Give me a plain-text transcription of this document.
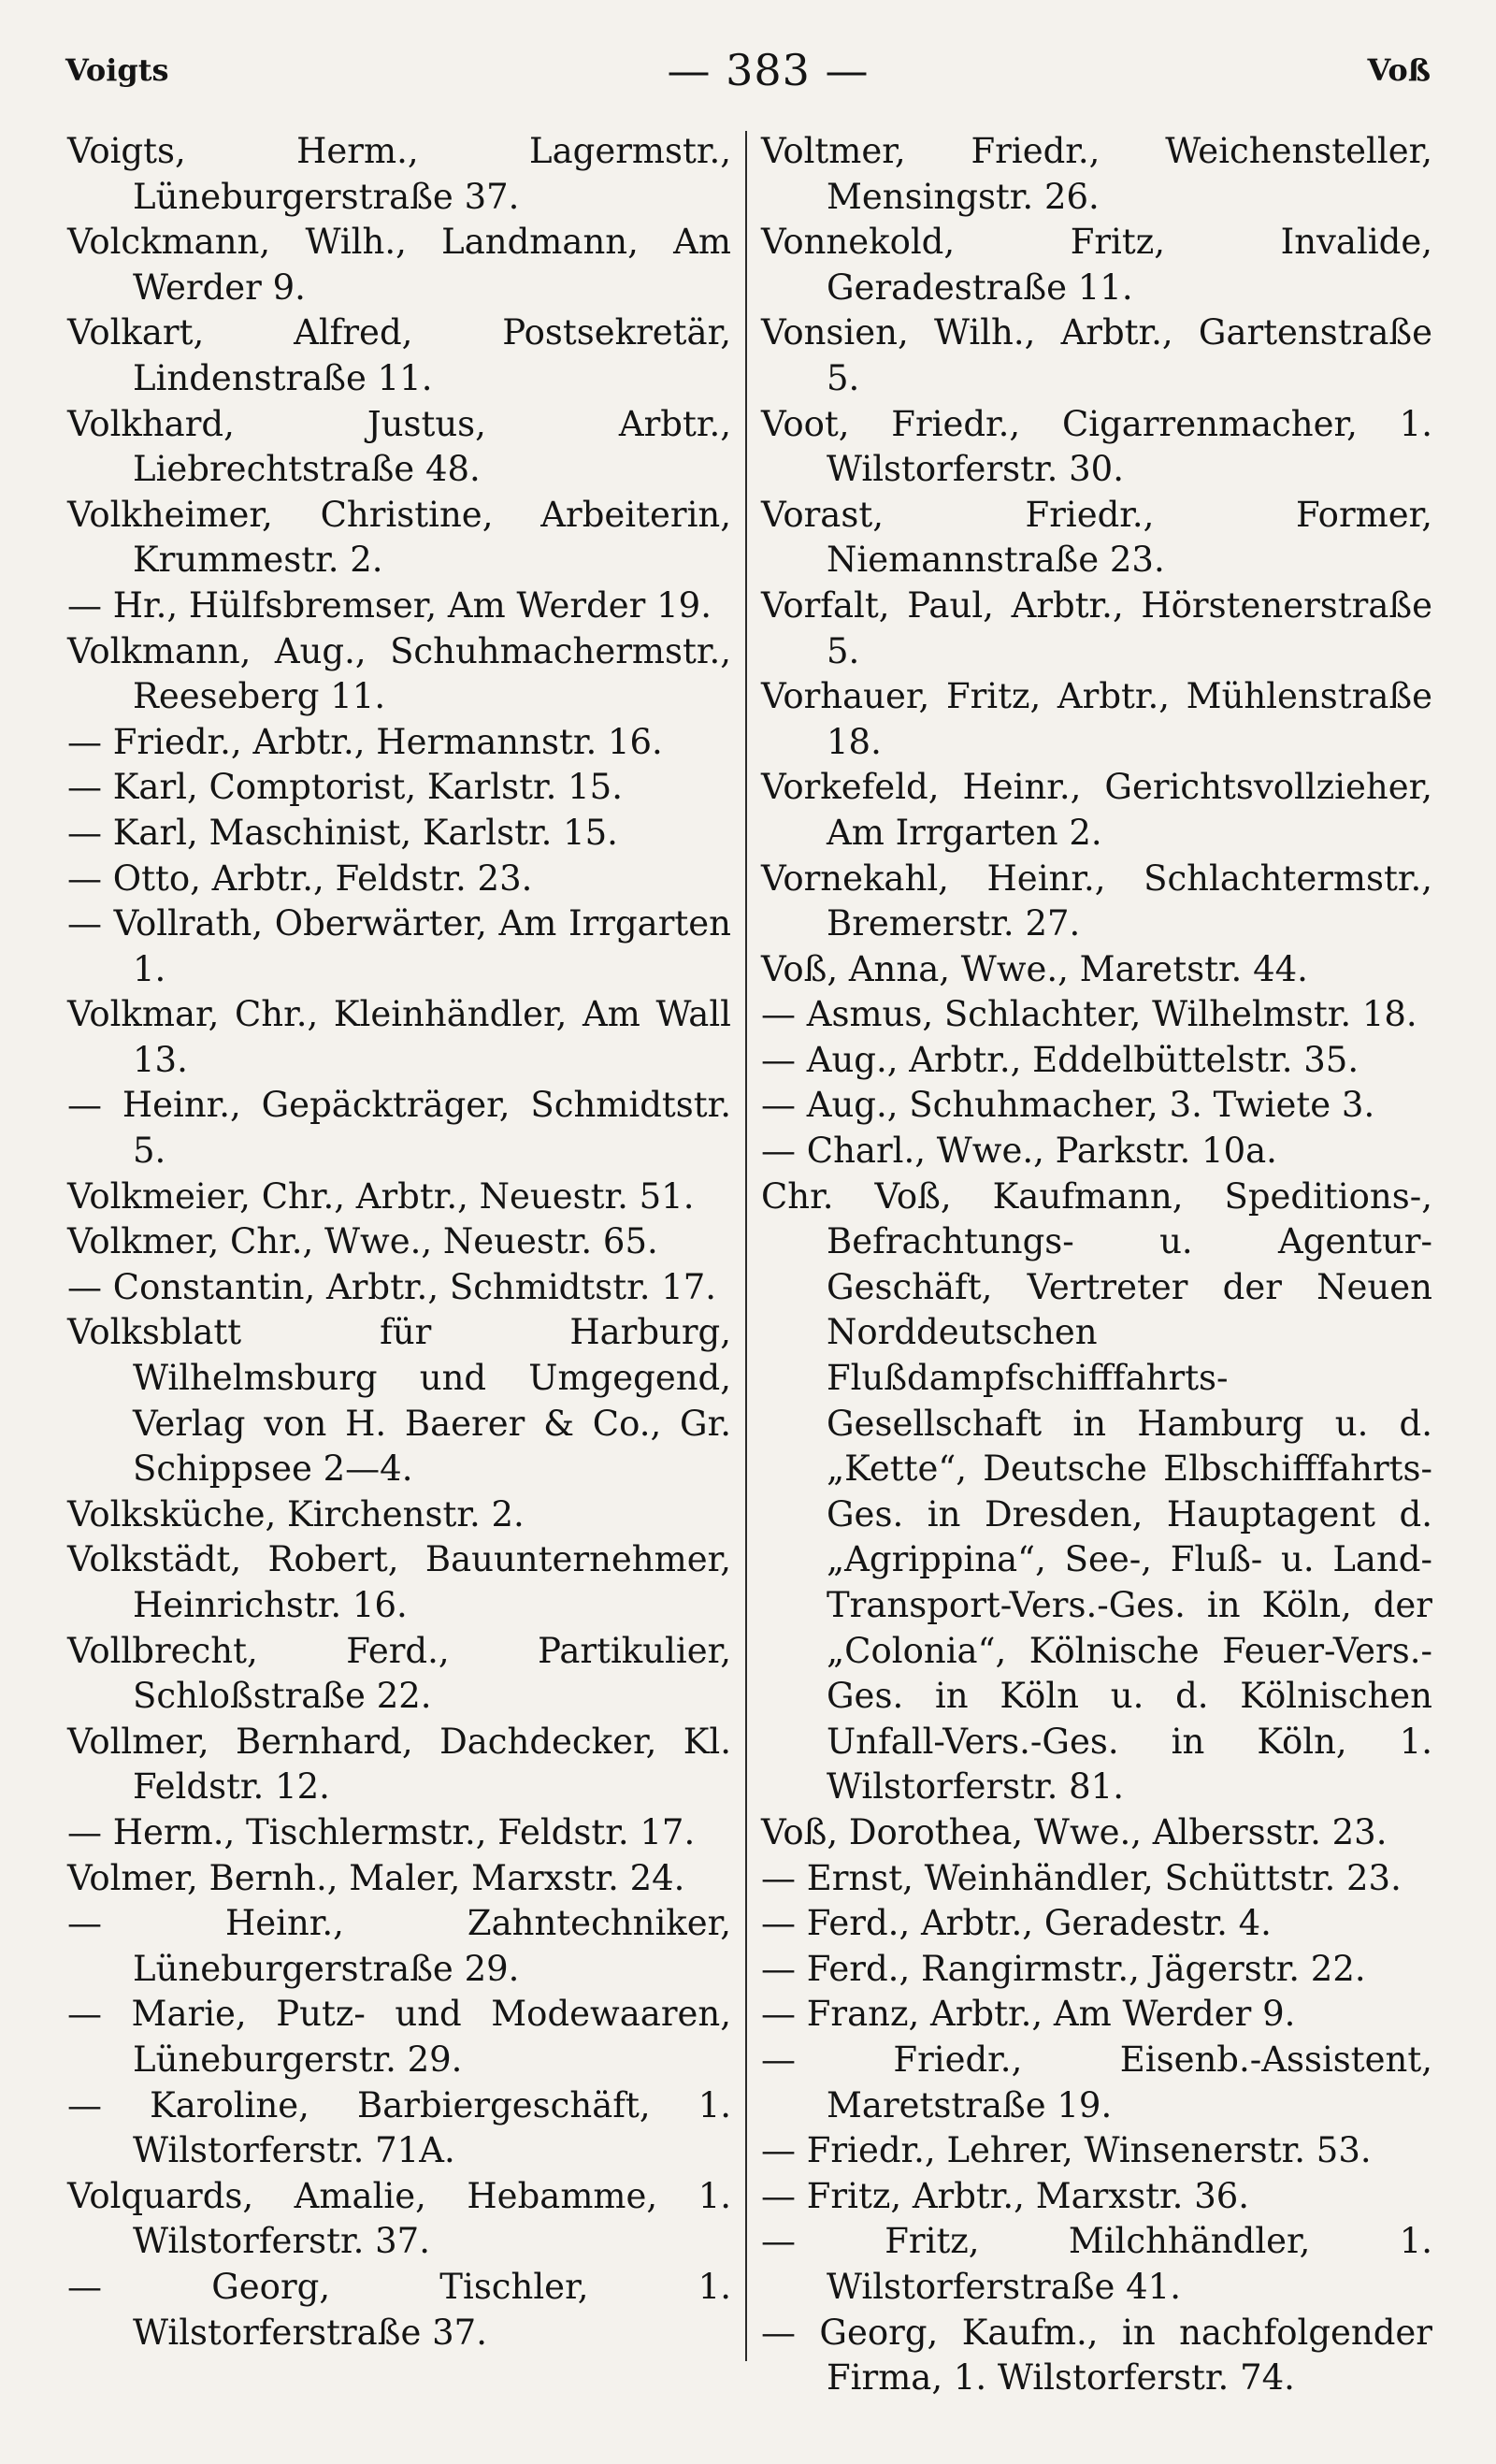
Voigts	— 383 —	Voß

Voigts, Herm., Lagermstr., Lüneburgerstraße 37.

Volckmann, Wilh., Landmann, Am Werder 9.

Volkart, Alfred, Postsekretär, Lindenstraße 11.

Volkhard, Justus, Arbtr., Liebrechtstraße 48.

Volkheimer, Christine, Arbeiterin, Krummestr. 2.

— Hr., Hülfsbremser, Am Werder 19.

Volkmann, Aug., Schuhmachermstr., Reeseberg 11.

— Friedr., Arbtr., Hermannstr. 16.

— Karl, Comptorist, Karlstr. 15.

— Karl, Maschinist, Karlstr. 15.

— Otto, Arbtr., Feldstr. 23.

— Vollrath, Oberwärter, Am Irrgarten 1.

Volkmar, Chr., Kleinhändler, Am Wall 13.

— Heinr., Gepäckträger, Schmidtstr. 5.

Volkmeier, Chr., Arbtr., Neuestr. 51.

Volkmer, Chr., Wwe., Neuestr. 65.

— Constantin, Arbtr., Schmidtstr. 17.

Volksblatt für Harburg, Wilhelmsburg und Umgegend, Verlag von H. Baerer & Co., Gr. Schippsee 2—4.

Volksküche, Kirchenstr. 2.

Volkstädt, Robert, Bauunternehmer, Heinrichstr. 16.

Vollbrecht, Ferd., Partikulier, Schloßstraße 22.

Vollmer, Bernhard, Dachdecker, Kl. Feldstr. 12.

— Herm., Tischlermstr., Feldstr. 17.

Volmer, Bernh., Maler, Marxstr. 24.

— Heinr., Zahntechniker, Lüneburgerstraße 29.

— Marie, Putz- und Modewaaren, Lüneburgerstr. 29.

— Karoline, Barbiergeschäft, 1. Wilstorferstr. 71A.

Volquards, Amalie, Hebamme, 1. Wilstorferstr. 37.

— Georg, Tischler, 1. Wilstorferstraße 37.

Voltmer, Friedr., Weichensteller, Mensingstr. 26.

Vonnekold, Fritz, Invalide, Geradestraße 11.

Vonsien, Wilh., Arbtr., Gartenstraße 5.

Voot, Friedr., Cigarrenmacher, 1. Wilstorferstr. 30.

Vorast, Friedr., Former, Niemannstraße 23.

Vorfalt, Paul, Arbtr., Hörstenerstraße 5.

Vorhauer, Fritz, Arbtr., Mühlenstraße 18.

Vorkefeld, Heinr., Gerichtsvollzieher, Am Irrgarten 2.

Vornekahl, Heinr., Schlachtermstr., Bremerstr. 27.

Voß, Anna, Wwe., Maretstr. 44.

— Asmus, Schlachter, Wilhelmstr. 18.

— Aug., Arbtr., Eddelbüttelstr. 35.

— Aug., Schuhmacher, 3. Twiete 3.

— Charl., Wwe., Parkstr. 10a.

Chr. Voß, Kaufmann, Speditions-, Befrachtungs- u. Agentur-Geschäft, Vertreter der Neuen Norddeutschen Flußdampfschifffahrts-Gesellschaft in Hamburg u. d. „Kette“, Deutsche Elbschifffahrts-Ges. in Dresden, Hauptagent d. „Agrippina“, See-, Fluß- u. Land-Transport-Vers.-Ges. in Köln, der „Colonia“, Kölnische Feuer-Vers.-Ges. in Köln u. d. Kölnischen Unfall-Vers.-Ges. in Köln, 1. Wilstorferstr. 81.

Voß, Dorothea, Wwe., Albersstr. 23.

— Ernst, Weinhändler, Schüttstr. 23.

— Ferd., Arbtr., Geradestr. 4.

— Ferd., Rangirmstr., Jägerstr. 22.

— Franz, Arbtr., Am Werder 9.

— Friedr., Eisenb.-Assistent, Maretstraße 19.

— Friedr., Lehrer, Winsenerstr. 53.

— Fritz, Arbtr., Marxstr. 36.

— Fritz, Milchhändler, 1. Wilstorferstraße 41.

— Georg, Kaufm., in nachfolgender Firma, 1. Wilstorferstr. 74.
